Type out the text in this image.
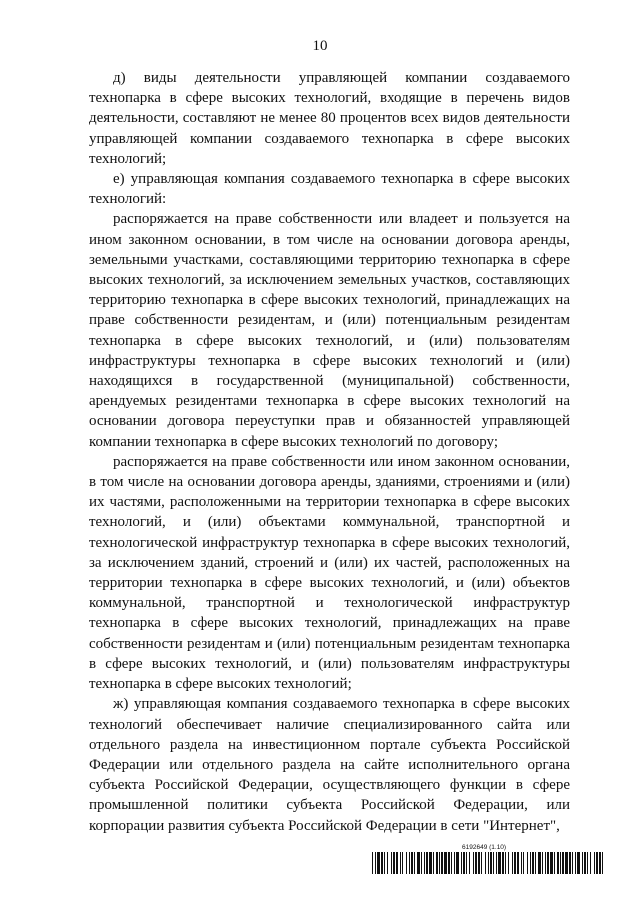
10

д) виды деятельности управляющей компании создаваемого технопарка в сфере высоких технологий, входящие в перечень видов деятельности, составляют не менее 80 процентов всех видов деятельности управляющей компании создаваемого технопарка в сфере высоких технологий;

е) управляющая компания создаваемого технопарка в сфере высоких технологий:

распоряжается на праве собственности или владеет и пользуется на ином законном основании, в том числе на основании договора аренды, земельными участками, составляющими территорию технопарка в сфере высоких технологий, за исключением земельных участков, составляющих территорию технопарка в сфере высоких технологий, принадлежащих на праве собственности резидентам, и (или) потенциальным резидентам технопарка в сфере высоких технологий, и (или) пользователям инфраструктуры технопарка в сфере высоких технологий и (или) находящихся в государственной (муниципальной) собственности, арендуемых резидентами технопарка в сфере высоких технологий на основании договора переуступки прав и обязанностей управляющей компании технопарка в сфере высоких технологий по договору;

распоряжается на праве собственности или ином законном основании, в том числе на основании договора аренды, зданиями, строениями и (или) их частями, расположенными на территории технопарка в сфере высоких технологий, и (или) объектами коммунальной, транспортной и технологической инфраструктур технопарка в сфере высоких технологий, за исключением зданий, строений и (или) их частей, расположенных на территории технопарка в сфере высоких технологий, и (или) объектов коммунальной, транспортной и технологической инфраструктур технопарка в сфере высоких технологий, принадлежащих на праве собственности резидентам и (или) потенциальным резидентам технопарка в сфере высоких технологий, и (или) пользователям инфраструктуры технопарка в сфере высоких технологий;

ж) управляющая компания создаваемого технопарка в сфере высоких технологий обеспечивает наличие специализированного сайта или отдельного раздела на инвестиционном портале субъекта Российской Федерации или отдельного раздела на сайте исполнительного органа субъекта Российской Федерации, осуществляющего функции в сфере промышленной политики субъекта Российской Федерации, или корпорации развития субъекта Российской Федерации в сети "Интернет",

6192649 (1.10)
